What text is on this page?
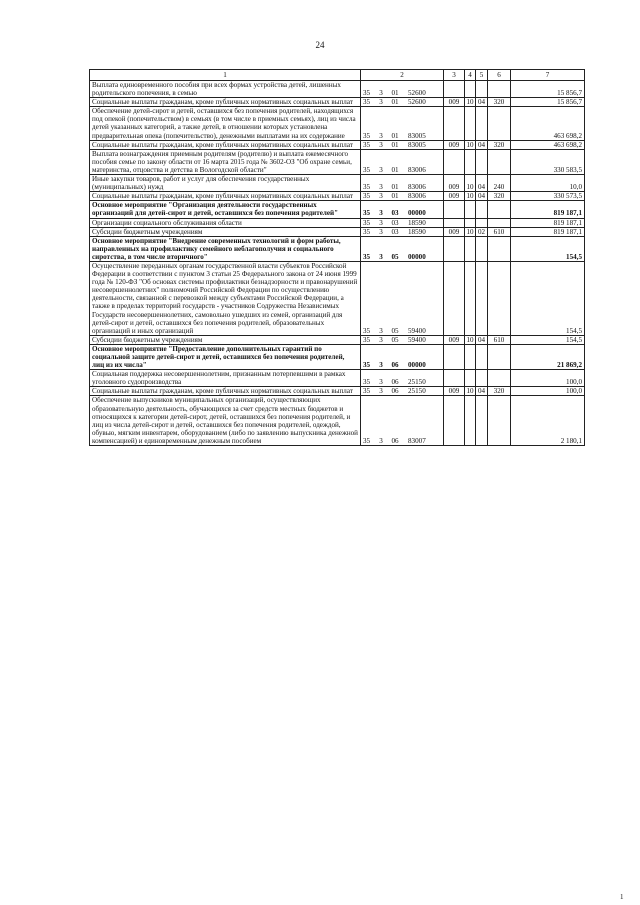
24
1	2	3	4	5	6	7
Выплата единовременного пособия при всех формах устройства детей, лишенных родительского попечения, в семью	35 3 01 52600					15 856,7
Социальные выплаты гражданам, кроме публичных нормативных социальных выплат	35 3 01 52600	009	10	04	320	15 856,7
Обеспечение детей-сирот и детей, оставшихся без попечения родителей, находящихся под опекой (попечительством) в семьях (в том числе в приемных семьях), лиц из числа детей указанных категорий, а также детей, в отношении которых установлена предварительная опека (попечительство), денежными выплатами на их содержание	35 3 01 83005					463 698,2
Социальные выплаты гражданам, кроме публичных нормативных социальных выплат	35 3 01 83005	009	10	04	320	463 698,2
Выплата вознаграждения приемным родителям (родителю) и выплата ежемесячного пособия семье по закону области от 16 марта 2015 года № 3602-ОЗ "Об охране семьи, материнства, отцовства и детства в Вологодской области"	35 3 01 83006					330 583,5
Иные закупки товаров, работ и услуг для обеспечения государственных (муниципальных) нужд	35 3 01 83006	009	10	04	240	10,0
Социальные выплаты гражданам, кроме публичных нормативных социальных выплат	35 3 01 83006	009	10	04	320	330 573,5
Основное мероприятие "Организация деятельности государственных организаций для детей-сирот и детей, оставшихся без попечения родителей"	35 3 03 00000					819 187,1
Организации социального обслуживания области	35 3 03 18590					819 187,1
Субсидии бюджетным учреждениям	35 3 03 18590	009	10	02	610	819 187,1
Основное мероприятие "Внедрение современных технологий и форм работы, направленных на профилактику семейного неблагополучия и социального сиротства, в том числе вторичного"	35 3 05 00000					154,5
Осуществление переданных органам государственной власти субъектов Российской Федерации в соответствии с пунктом 3 статьи 25 Федерального закона от 24 июня 1999 года № 120-ФЗ "Об основах системы профилактики безнадзорности и правонарушений несовершеннолетних" полномочий Российской Федерации по осуществлению деятельности, связанной с перевозкой между субъектами Российской Федерации, а также в пределах территорий государств - участников Содружества Независимых Государств несовершеннолетних, самовольно ушедших из семей, организаций для детей-сирот и детей, оставшихся без попечения родителей, образовательных организаций и иных организаций	35 3 05 59400					154,5
Субсидии бюджетным учреждениям	35 3 05 59400	009	10	04	610	154,5
Основное мероприятие "Предоставление дополнительных гарантий по социальной защите детей-сирот и детей, оставшихся без попечения родителей, лиц из их числа"	35 3 06 00000					21 869,2
Социальная поддержка несовершеннолетним, признанным потерпевшими в рамках уголовного судопроизводства	35 3 06 25150					100,0
Социальные выплаты гражданам, кроме публичных нормативных социальных выплат	35 3 06 25150	009	10	04	320	100,0
Обеспечение выпускников муниципальных организаций, осуществляющих образовательную деятельность, обучающихся за счет средств местных бюджетов и относящихся к категории детей-сирот, детей, оставшихся без попечения родителей, и лиц из числа детей-сирот и детей, оставшихся без попечения родителей, одеждой, обувью, мягким инвентарем, оборудованием (либо по заявлению выпускника денежной компенсацией) и единовременным денежным пособием	35 3 06 83007					2 180,1
1
